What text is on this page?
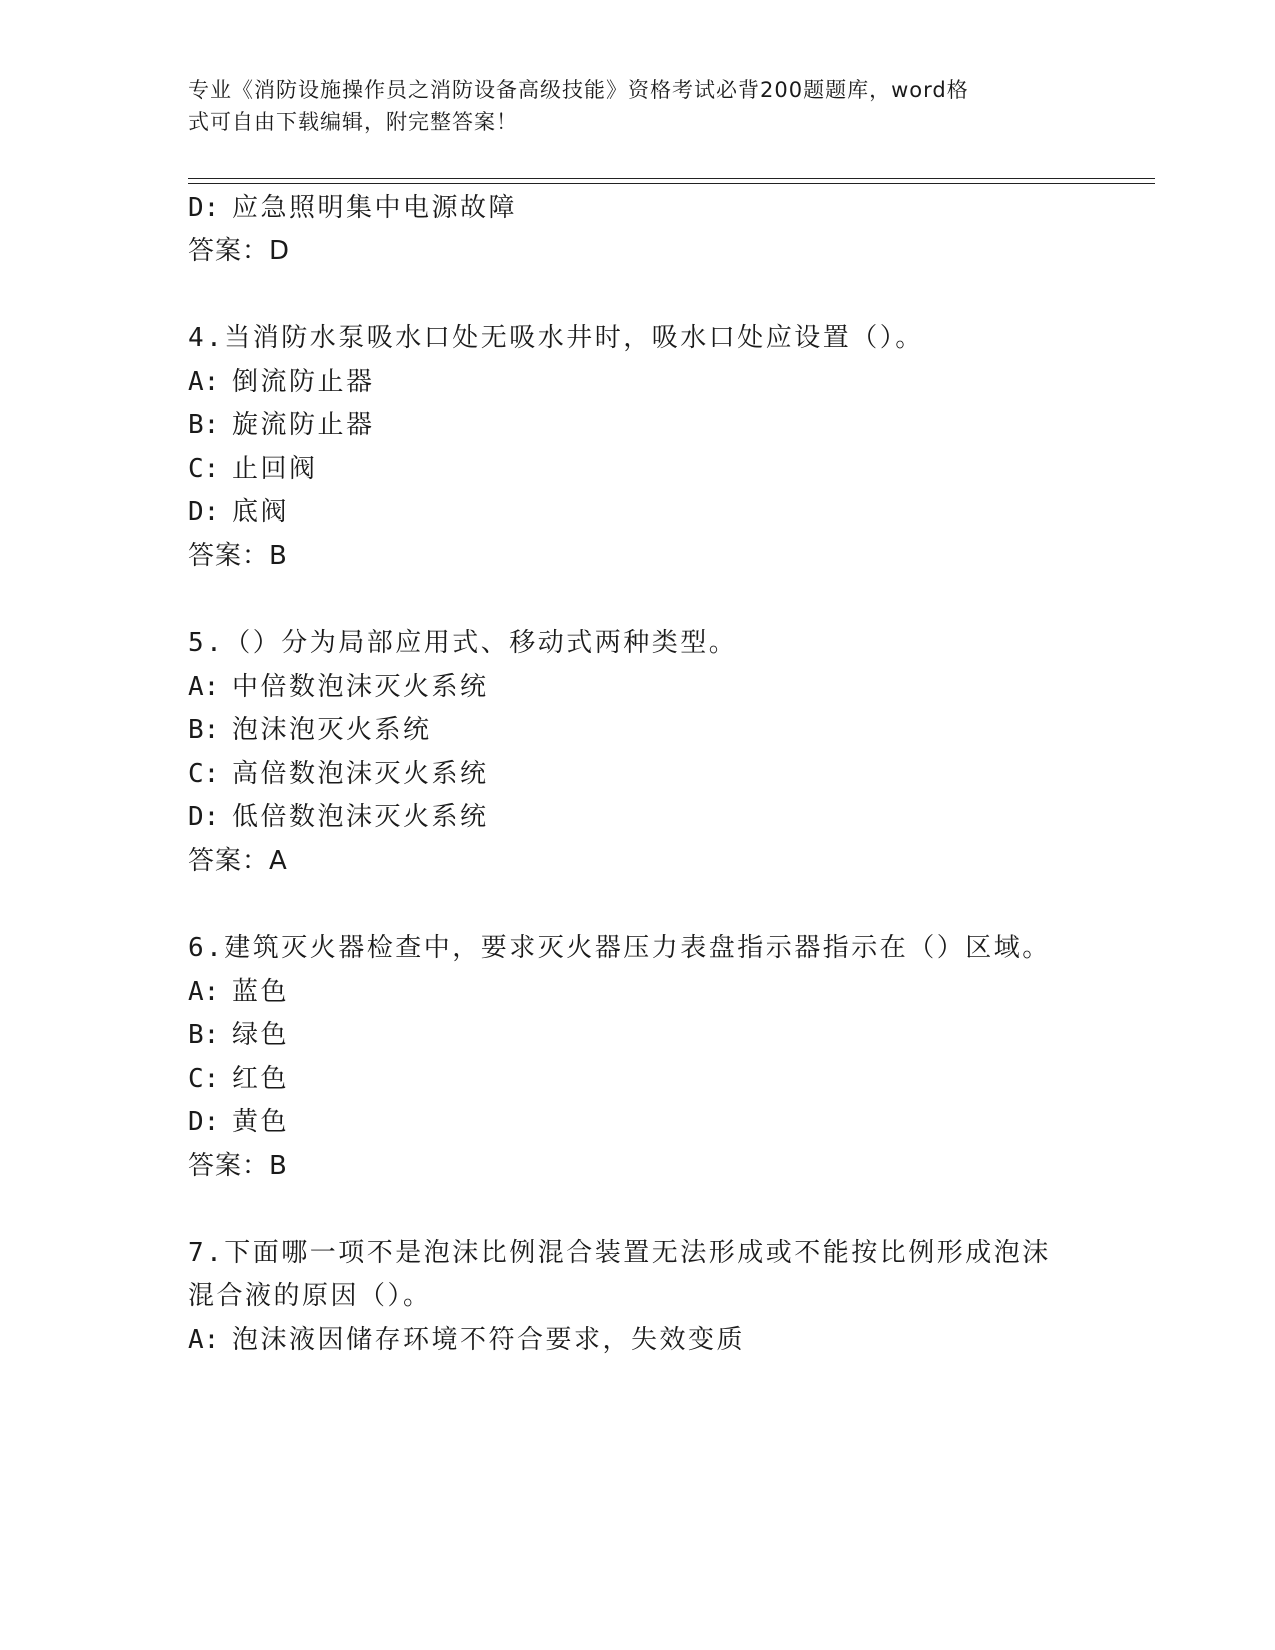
专业《消防设施操作员之消防设备高级技能》资格考试必背200题题库，word格
式可自由下载编辑，附完整答案！
D: 应急照明集中电源故障
答案：D
4.当消防水泵吸水口处无吸水井时，吸水口处应设置（）。
A: 倒流防止器
B: 旋流防止器
C: 止回阀
D: 底阀
答案：B
5.（）分为局部应用式、移动式两种类型。
A: 中倍数泡沫灭火系统
B: 泡沫泡灭火系统
C: 高倍数泡沫灭火系统
D: 低倍数泡沫灭火系统
答案：A
6.建筑灭火器检查中，要求灭火器压力表盘指示器指示在（）区域。
A: 蓝色
B: 绿色
C: 红色
D: 黄色
答案：B
7.下面哪一项不是泡沫比例混合装置无法形成或不能按比例形成泡沫
混合液的原因（）。
A: 泡沫液因储存环境不符合要求，失效变质
